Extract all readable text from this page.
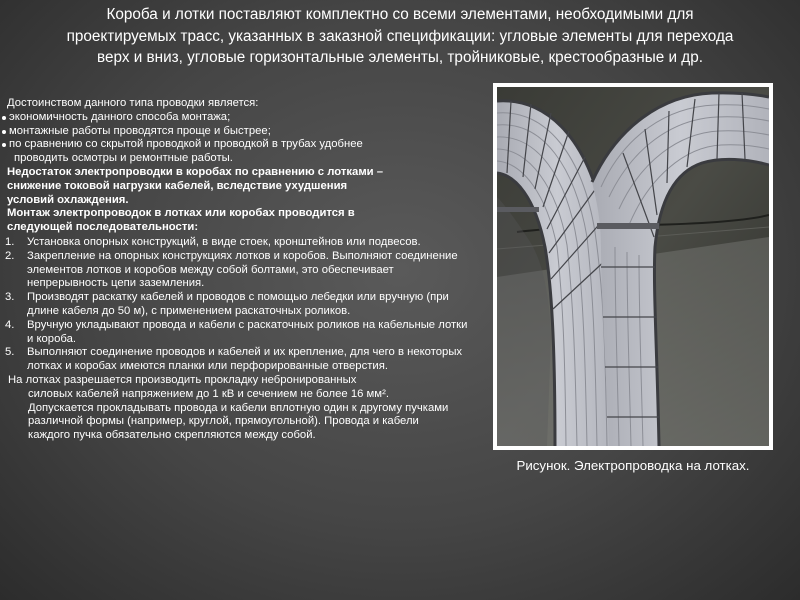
Короба и лотки поставляют комплектно со всеми элементами, необходимыми для
проектируемых трасс, указанных в заказной спецификации: угловые элементы для перехода
верх и вниз, угловые горизонтальные элементы, тройниковые, крестообразные и др.

Достоинством данного типа проводки является:

экономичность данного способа монтажа;
монтажные работы проводятся проще и быстрее;
по сравнению со скрытой проводкой и проводкой в трубах удобнее
проводить осмотры и ремонтные работы.

Недостаток электропроводки в коробах по сравнению с лотками –
снижение токовой нагрузки кабелей, вследствие ухудшения
условий охлаждения.

Монтаж электропроводок в лотках или коробах проводится в
следующей последовательности:

1. Установка опорных конструкций, в виде стоек, кронштейнов или подвесов.
2. Закрепление на опорных конструкциях лотков и коробов. Выполняют соединение элементов лотков и коробов между собой болтами, это обеспечивает непрерывность цепи заземления.
3. Производят раскатку кабелей и проводов с помощью лебедки или вручную (при длине кабеля до 50 м), с применением раскаточных роликов.
4. Вручную укладывают провода и кабели с раскаточных роликов на кабельные лотки и короба.
5. Выполняют соединение проводов и кабелей и их крепление, для чего в некоторых лотках и коробах имеются планки или перфорированные отверстия.

На лотках разрешается производить прокладку небронированных
силовых кабелей напряжением до 1 кВ и сечением не более 16 мм². Допускается прокладывать провода и кабели вплотную один к другому пучками различной формы (например, круглой, прямоугольной). Провода и кабели каждого пучка обязательно скрепляются между собой.

Рисунок. Электропроводка на лотках.
